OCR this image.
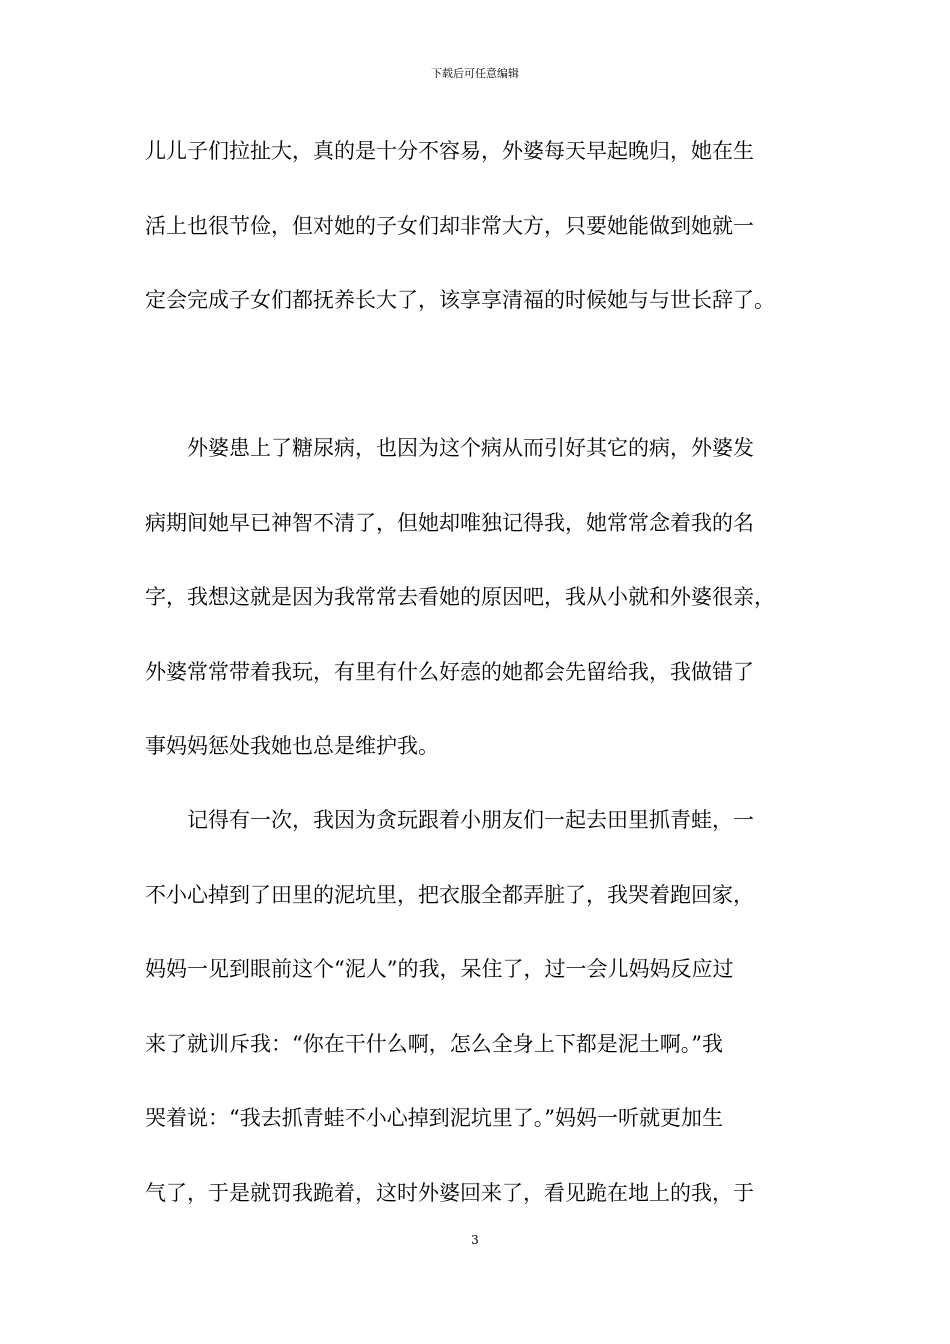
下载后可任意编辑
儿儿子们拉扯大，真的是十分不容易，外婆每天早起晚归，她在生
活上也很节俭，但对她的子女们却非常大方，只要她能做到她就一
定会完成子女们都抚养长大了，该享享清福的时候她与与世长辞了。
　　外婆患上了糖尿病，也因为这个病从而引好其它的病，外婆发
病期间她早已神智不清了，但她却唯独记得我，她常常念着我的名
字，我想这就是因为我常常去看她的原因吧，我从小就和外婆很亲，
外婆常常带着我玩，有里有什么好悫的她都会先留给我，我做错了
事妈妈惩处我她也总是维护我。
　　记得有一次，我因为贪玩跟着小朋友们一起去田里抓青蛙，一
不小心掉到了田里的泥坑里，把衣服全都弄脏了，我哭着跑回家，
妈妈一见到眼前这个“泥人”的我，呆住了，过一会儿妈妈反应过
来了就训斥我：“你在干什么啊，怎么全身上下都是泥土啊。”我
哭着说：“我去抓青蛙不小心掉到泥坑里了。”妈妈一听就更加生
气了，于是就罚我跪着，这时外婆回来了，看见跪在地上的我，于
3
